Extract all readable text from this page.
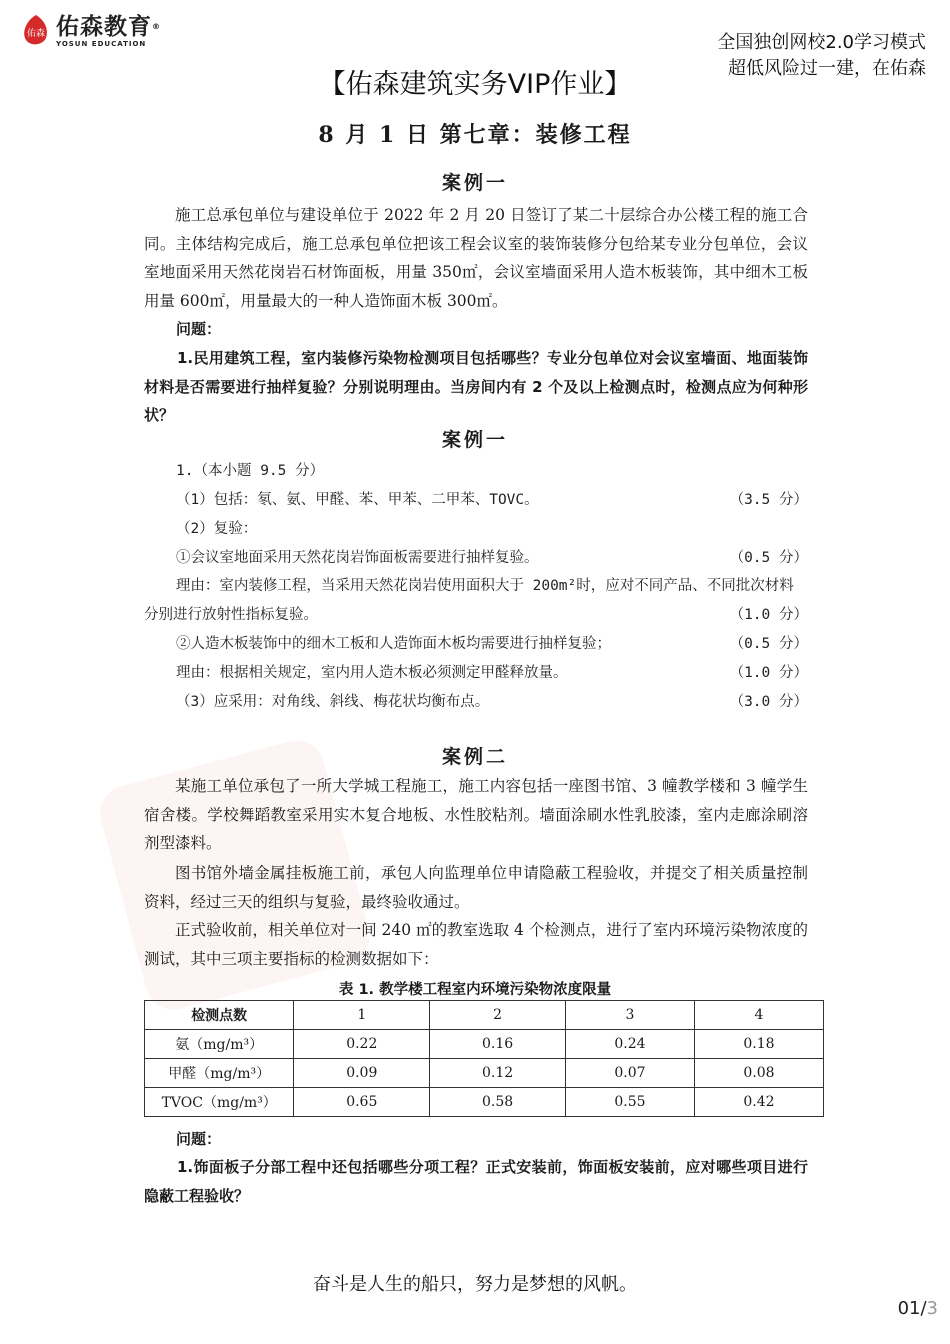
佑森 佑森教育®
YOSUN EDUCATION	全国独创网校2.0学习模式
超低风险过一建，在佑森
【佑森建筑实务VIP作业】
8 月 1 日 第七章：装修工程
案例一
施工总承包单位与建设单位于 2022 年 2 月 20 日签订了某二十层综合办公楼工程的施工合同。主体结构完成后，施工总承包单位把该工程会议室的装饰装修分包给某专业分包单位，会议室地面采用天然花岗岩石材饰面板，用量 350㎡，会议室墙面采用人造木板装饰，其中细木工板用量 600㎡，用量最大的一种人造饰面木板 300㎡。
问题：
1.民用建筑工程，室内装修污染物检测项目包括哪些？专业分包单位对会议室墙面、地面装饰材料是否需要进行抽样复验？分别说明理由。当房间内有 2 个及以上检测点时，检测点应为何种形状？
案例一
1.（本小题 9.5 分）
（1）包括：氡、氨、甲醛、苯、甲苯、二甲苯、TOVC。	（3.5 分）
（2）复验：
①会议室地面采用天然花岗岩饰面板需要进行抽样复验。	（0.5 分）
理由：室内装修工程，当采用天然花岗岩使用面积大于 200m²时，应对不同产品、不同批次材料分别进行放射性指标复验。	（1.0 分）
②人造木板装饰中的细木工板和人造饰面木板均需要进行抽样复验；	（0.5 分）
理由：根据相关规定，室内用人造木板必须测定甲醛释放量。	（1.0 分）
（3）应采用：对角线、斜线、梅花状均衡布点。	（3.0 分）
案例二
某施工单位承包了一所大学城工程施工，施工内容包括一座图书馆、3 幢教学楼和 3 幢学生宿舍楼。学校舞蹈教室采用实木复合地板、水性胶粘剂。墙面涂刷水性乳胶漆，室内走廊涂刷溶剂型漆料。
图书馆外墙金属挂板施工前，承包人向监理单位申请隐蔽工程验收，并提交了相关质量控制资料，经过三天的组织与复验，最终验收通过。
正式验收前，相关单位对一间 240 ㎡的教室选取 4 个检测点，进行了室内环境污染物浓度的测试，其中三项主要指标的检测数据如下：
表 1. 教学楼工程室内环境污染物浓度限量
检测点数	1	2	3	4
氨（mg/m³）	0.22	0.16	0.24	0.18
甲醛（mg/m³）	0.09	0.12	0.07	0.08
TVOC（mg/m³）	0.65	0.58	0.55	0.42
问题：
1.饰面板子分部工程中还包括哪些分项工程？正式安装前，饰面板安装前，应对哪些项目进行隐蔽工程验收？
奋斗是人生的船只，努力是梦想的风帆。
01/3
